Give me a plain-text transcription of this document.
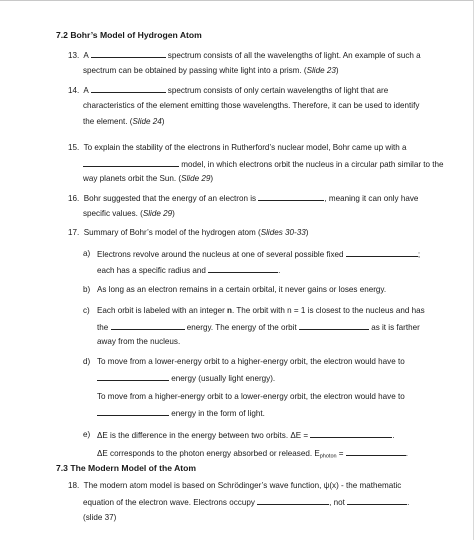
7.2 Bohr’s Model of Hydrogen Atom
13. A	spectrum consists of all the wavelengths of light. An example of such a
spectrum can be obtained by passing white light into a prism. (Slide 23)
14. A	spectrum consists of only certain wavelengths of light that are
characteristics of the element emitting those wavelengths. Therefore, it can be used to identify
the element. (Slide 24)
15. To explain the stability of the electrons in Rutherford’s nuclear model, Bohr came up with a
model, in which electrons orbit the nucleus in a circular path similar to the
way planets orbit the Sun. (Slide 29)
16. Bohr suggested that the energy of an electron is	, meaning it can only have
specific values. (Slide 29)
17. Summary of Bohr’s model of the hydrogen atom (Slides 30-33)
a) Electrons revolve around the nucleus at one of several possible fixed	;
each has a specific radius and	.
b) As long as an electron remains in a certain orbital, it never gains or loses energy.
c) Each orbit is labeled with an integer n. The orbit with n = 1 is closest to the nucleus and has
the	energy. The energy of the orbit	as it is farther
away from the nucleus.
d) To move from a lower-energy orbit to a higher-energy orbit, the electron would have to
energy (usually light energy).
To move from a higher-energy orbit to a lower-energy orbit, the electron would have to
energy in the form of light.
e) ΔE is the difference in the energy between two orbits. ΔE =	.
ΔE corresponds to the photon energy absorbed or released. $E_{photon}$ =	.
7.3 The Modern Model of the Atom
18. The modern atom model is based on Schrödinger’s wave function, ψ(x) - the mathematic
equation of the electron wave. Electrons occupy	, not	.
(slide 37)
